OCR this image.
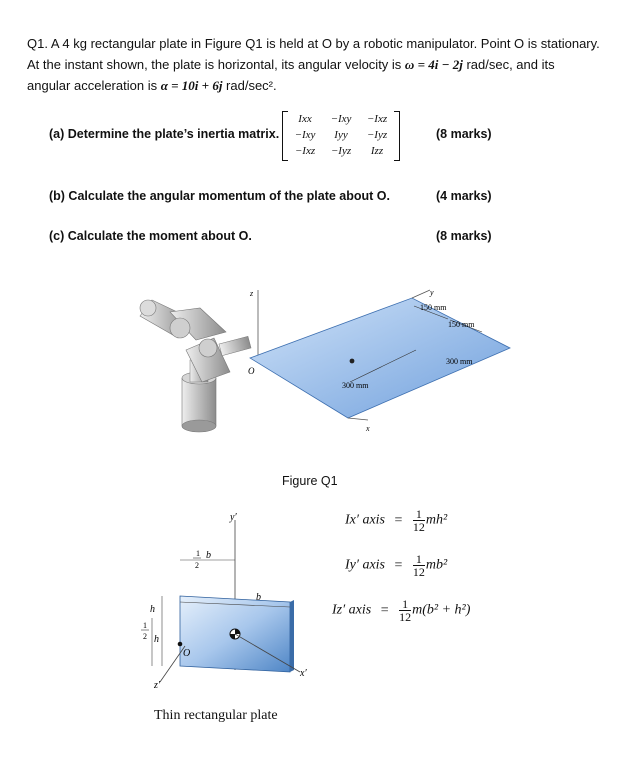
Q1. A 4 kg rectangular plate in Figure Q1 is held at O by a robotic manipulator. Point O is stationary.
At the instant shown, the plate is horizontal, its angular velocity is ω = 4i − 2j rad/sec, and its
angular acceleration is α = 10i + 6j rad/sec².
(a) Determine the plate’s inertia matrix.
Ixx	−Ixy	−Ixz
−Ixy	Iyy	−Iyz
−Ixz	−Iyz	Izz
(8 marks)
(b) Calculate the angular momentum of the plate about O.	(4 marks)
(c) Calculate the moment about O.	(8 marks)
z
x
y
O
150 mm
150 mm
300 mm
300 mm
Figure Q1
y′
x′
z′
O
b
1
2
b
h
1
2 h
Ix′ axis = $\frac{1}{12} mh^2$
Iy′ axis = $\frac{1}{12} mb^2$
Iz′ axis = $\frac{1}{12} m(b^2 + h^2)$
Thin rectangular plate
